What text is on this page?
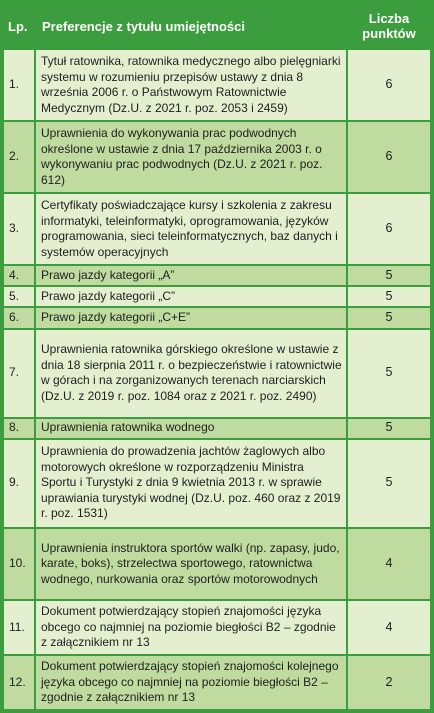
Lp.	Preferencje z tytułu umiejętności	Liczba punktów
1.	Tytuł ratownika, ratownika medycznego albo pielęgniarki systemu w rozumieniu przepisów ustawy z dnia 8 września 2006 r. o Państwowym Ratownictwie Medycznym (Dz.U. z 2021 r. poz. 2053 i 2459)	6
2.	Uprawnienia do wykonywania prac podwodnych określone w ustawie z dnia 17 października 2003 r. o wykonywaniu prac podwodnych (Dz.U. z 2021 r. poz. 612)	6
3.	Certyfikaty poświadczające kursy i szkolenia z zakresu informatyki, teleinformatyki, oprogramowania, języków programowania, sieci teleinformatycznych, baz danych i systemów operacyjnych	6
4.	Prawo jazdy kategorii „A”	5
5.	Prawo jazdy kategorii „C”	5
6.	Prawo jazdy kategorii „C+E”	5
7.	Uprawnienia ratownika górskiego określone w ustawie z dnia 18 sierpnia 2011 r. o bezpieczeństwie i ratownictwie w górach i na zorganizowanych terenach narciarskich (Dz.U. z 2019 r. poz. 1084 oraz z 2021 r. poz. 2490)	5
8.	Uprawnienia ratownika wodnego	5
9.	Uprawnienia do prowadzenia jachtów żaglowych albo motorowych określone w rozporządzeniu Ministra Sportu i Turystyki z dnia 9 kwietnia 2013 r. w sprawie uprawiania turystyki wodnej (Dz.U. poz. 460 oraz z 2019 r. poz. 1531)	5
10.	Uprawnienia instruktora sportów walki (np. zapasy, judo, karate, boks), strzelectwa sportowego, ratownictwa wodnego, nurkowania oraz sportów motorowodnych	4
11.	Dokument potwierdzający stopień znajomości języka obcego co najmniej na poziomie biegłości B2 – zgodnie z załącznikiem nr 13	4
12.	Dokument potwierdzający stopień znajomości kolejnego języka obcego co najmniej na poziomie biegłości B2 – zgodnie z załącznikiem nr 13	2
